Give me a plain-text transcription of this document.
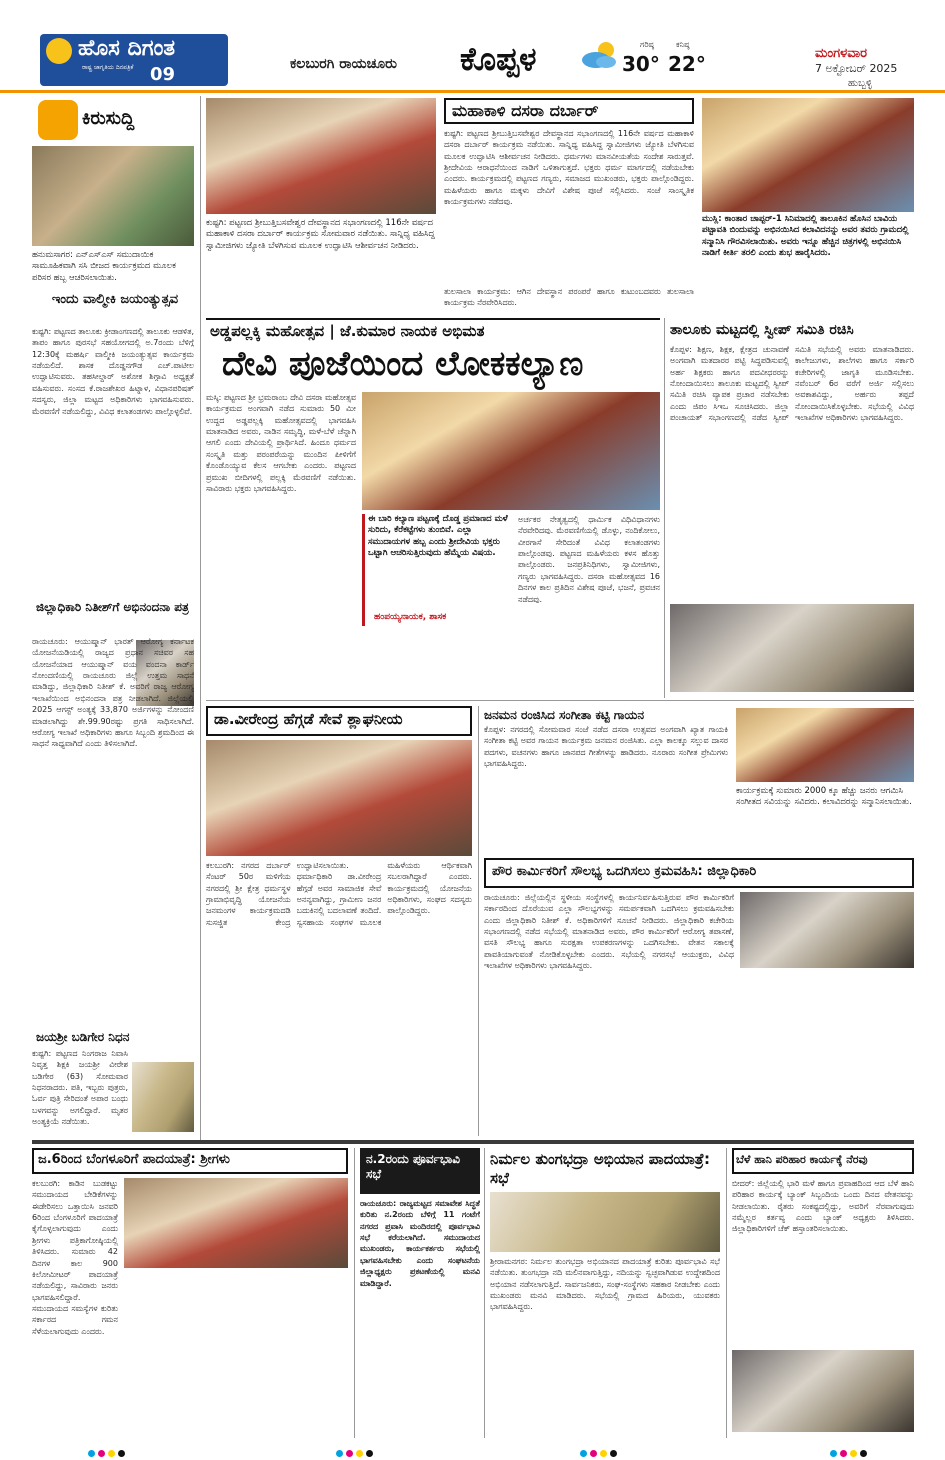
ಹೊಸ ದಿಗಂತ
ರಾಷ್ಟ್ರ ಜಾಗೃತಿಯ ದಿನಪತ್ರಿಕೆ 09	ಕಲಬುರಗಿ ರಾಯಚೂರು ಕೊಪ್ಪಳ	ಗರಿಷ್ಠ
30°
ಕನಿಷ್ಠ
22°	ಮಂಗಳವಾರ
7 ಅಕ್ಟೋಬರ್ 2025
ಹುಬ್ಬಳ್ಳಿ
ಕಿರುಸುದ್ದಿ
ಹನುಮಸಾಗರ: ಎನ್‌ಎಸ್‌ಎಸ್ ಸಮುದಾಯಿಕ ಸಾಮೂಹಿಕವಾಗಿ ಸಸಿ ಬೀಜದ ಕಾರ್ಯಕ್ರಮದ ಮೂಲಕ ಪರಿಸರ ಹಬ್ಬ ಆಚರಿಸಲಾಯಿತು.
ಇಂದು ವಾಲ್ಮೀಕಿ ಜಯಂತ್ಯುತ್ಸವ
ಕುಷ್ಟಗಿ: ಪಟ್ಟಣದ ತಾಲೂಕು ಕ್ರೀಡಾಂಗಣದಲ್ಲಿ ತಾಲೂಕು ಆಡಳಿತ, ತಾಪಂ ಹಾಗೂ ಪುರಸಭೆ ಸಹಯೋಗದಲ್ಲಿ ಅ.7ರಂದು ಬೆಳಿಗ್ಗೆ 12:30ಕ್ಕೆ ಮಹರ್ಷಿ ವಾಲ್ಮೀಕಿ ಜಯಂತ್ಯುತ್ಸವ ಕಾರ್ಯಕ್ರಮ ನಡೆಯಲಿದೆ. ಶಾಸಕ ದೊಡ್ಡನಗೌಡ ಎಚ್.ಪಾಟೀಲ ಉದ್ಘಾಟಿಸುವರು. ತಹಸೀಲ್ದಾರ್ ಅಶೋಕ ಶಿಗ್ಗಾವಿ ಅಧ್ಯಕ್ಷತೆ ವಹಿಸುವರು. ಸಂಸದ ಕೆ.ರಾಜಶೇಖರ ಹಿಟ್ನಾಳ, ವಿಧಾನಪರಿಷತ್ ಸದಸ್ಯರು, ಜಿಲ್ಲಾ ಮಟ್ಟದ ಅಧಿಕಾರಿಗಳು ಭಾಗವಹಿಸುವರು. ಮೆರವಣಿಗೆ ನಡೆಯಲಿದ್ದು, ವಿವಿಧ ಕಲಾತಂಡಗಳು ಪಾಲ್ಗೊಳ್ಳಲಿವೆ.
ಜಿಲ್ಲಾಧಿಕಾರಿ ನಿತೀಶ್‌ಗೆ ಅಭಿನಂದನಾ ಪತ್ರ
ರಾಯಚೂರು: ಆಯುಷ್ಮಾನ್ ಭಾರತ್ ಆರೋಗ್ಯ ಕರ್ನಾಟಕ ಯೋಜನೆಯಡಿಯಲ್ಲಿ ರಾಜ್ಯದ ಪ್ರಧಾನ ಸಚಿವರ ಸಹ ಯೋಜನೆಯಾದ ಆಯುಷ್ಮಾನ್ ವಯ ವಂದನಾ ಕಾರ್ಡ್ ನೋಂದಣಿಯಲ್ಲಿ ರಾಯಚೂರು ಜಿಲ್ಲೆ ಉತ್ತಮ ಸಾಧನೆ ಮಾಡಿದ್ದು, ಜಿಲ್ಲಾಧಿಕಾರಿ ನಿತೀಶ್ ಕೆ. ಅವರಿಗೆ ರಾಜ್ಯ ಆರೋಗ್ಯ ಇಲಾಖೆಯಿಂದ ಅಭಿನಂದನಾ ಪತ್ರ ನೀಡಲಾಗಿದೆ. ಜಿಲ್ಲೆಯಲ್ಲಿ 2025 ಆಗಸ್ಟ್ ಅಂತ್ಯಕ್ಕೆ 33,870 ಅರ್ಜಿಗಳನ್ನು ನೋಂದಣಿ ಮಾಡಲಾಗಿದ್ದು ಶೇ.99.90ರಷ್ಟು ಪ್ರಗತಿ ಸಾಧಿಸಲಾಗಿದೆ. ಆರೋಗ್ಯ ಇಲಾಖೆ ಅಧಿಕಾರಿಗಳು ಹಾಗೂ ಸಿಬ್ಬಂದಿ ಶ್ರಮದಿಂದ ಈ ಸಾಧನೆ ಸಾಧ್ಯವಾಗಿದೆ ಎಂದು ತಿಳಿಸಲಾಗಿದೆ.
ಜಯಶ್ರೀ ಬಡಿಗೇರ ನಿಧನ
ಕುಷ್ಟಗಿ: ಪಟ್ಟಣದ ನಿಂಗರಾಜ ನಿವಾಸಿ ನಿವೃತ್ತ ಶಿಕ್ಷಕಿ ಜಯಶ್ರೀ ವೀರೇಶ ಬಡಿಗೇರ (63) ಸೋಮವಾರ ನಿಧನರಾದರು. ಪತಿ, ಇಬ್ಬರು ಪುತ್ರರು, ಓರ್ವ ಪುತ್ರಿ ಸೇರಿದಂತೆ ಅಪಾರ ಬಂಧು ಬಳಗವನ್ನು ಅಗಲಿದ್ದಾರೆ. ಮೃತರ ಅಂತ್ಯಕ್ರಿಯೆ ನಡೆಯಿತು.
ಕುಷ್ಟಗಿ: ಪಟ್ಟಣದ ಶ್ರೀಬುತ್ತಿಬಸವೇಶ್ವರ ದೇವಸ್ಥಾನದ ಸಭಾಂಗಣದಲ್ಲಿ 116ನೇ ವರ್ಷದ ಮಹಾಕಾಳಿ ದಸರಾ ದರ್ಬಾರ್ ಕಾರ್ಯಕ್ರಮ ಸೋಮವಾರ ನಡೆಯಿತು. ಸಾನ್ನಿಧ್ಯ ವಹಿಸಿದ್ದ ಸ್ವಾಮೀಜಿಗಳು ಜ್ಯೋತಿ ಬೆಳಗಿಸುವ ಮೂಲಕ ಉದ್ಘಾಟಿಸಿ ಆಶೀರ್ವಚನ ನೀಡಿದರು.
ಮಹಾಕಾಳಿ ದಸರಾ ದರ್ಬಾರ್
ಕುಷ್ಟಗಿ: ಪಟ್ಟಣದ ಶ್ರೀಬುತ್ತಿಬಸವೇಶ್ವರ ದೇವಸ್ಥಾನದ ಸಭಾಂಗಣದಲ್ಲಿ 116ನೇ ವರ್ಷದ ಮಹಾಕಾಳಿ ದಸರಾ ದರ್ಬಾರ್ ಕಾರ್ಯಕ್ರಮ ನಡೆಯಿತು. ಸಾನ್ನಿಧ್ಯ ವಹಿಸಿದ್ದ ಸ್ವಾಮೀಜಿಗಳು ಜ್ಯೋತಿ ಬೆಳಗಿಸುವ ಮೂಲಕ ಉದ್ಘಾಟಿಸಿ ಆಶೀರ್ವಚನ ನೀಡಿದರು. ಧರ್ಮಗಳು ಮಾನವೀಯತೆಯ ಸಂದೇಶ ಸಾರುತ್ತವೆ. ಶ್ರೀದೇವಿಯ ಆರಾಧನೆಯಿಂದ ನಾಡಿಗೆ ಒಳಿತಾಗುತ್ತದೆ. ಭಕ್ತರು ಧರ್ಮ ಮಾರ್ಗದಲ್ಲಿ ನಡೆಯಬೇಕು ಎಂದರು. ಕಾರ್ಯಕ್ರಮದಲ್ಲಿ ಪಟ್ಟಣದ ಗಣ್ಯರು, ಸಮಾಜದ ಮುಖಂಡರು, ಭಕ್ತರು ಪಾಲ್ಗೊಂಡಿದ್ದರು. ಮಹಿಳೆಯರು ಹಾಗೂ ಮಕ್ಕಳು ದೇವಿಗೆ ವಿಶೇಷ ಪೂಜೆ ಸಲ್ಲಿಸಿದರು. ಸಂಜೆ ಸಾಂಸ್ಕೃತಿಕ ಕಾರ್ಯಕ್ರಮಗಳು ನಡೆದವು.
ತುಲಸಾಲಾ ಕಾರ್ಯಕ್ರಮ: ಆಗಿನ ದೇವಸ್ಥಾನ ಪರಂಪರೆ ಹಾಗೂ ಕುಟುಂಬದವರು ತುಲಸಾಲಾ ಕಾರ್ಯಕ್ರಮ ನೆರವೇರಿಸಿದರು.
ಮುಸ್ಲಿ: ಕಾಂತಾರ ಚಾಪ್ಟರ್-1 ಸಿನಿಮಾದಲ್ಲಿ ತಾಲೂಕಿನ ಹೊಸಿನ ಬಾವಿಯ ಪಟ್ಟಾವತಿ ಬಿಂದುವನ್ನು ಅಭಿನಯಿಸಿದ ಕಲಾವಿದನನ್ನು ಅವರ ತವರು ಗ್ರಾಮದಲ್ಲಿ ಸನ್ಮಾನಿಸಿ ಗೌರವಿಸಲಾಯಿತು. ಅವರು ಇನ್ನೂ ಹೆಚ್ಚಿನ ಚಿತ್ರಗಳಲ್ಲಿ ಅಭಿನಯಿಸಿ ನಾಡಿಗೆ ಕೀರ್ತಿ ತರಲಿ ಎಂದು ಶುಭ ಹಾರೈಸಿದರು.
ಅಡ್ಡಪಲ್ಲಕ್ಕಿ ಮಹೋತ್ಸವ | ಜೆ.ಕುಮಾರ ನಾಯಕ ಅಭಿಮತ
ದೇವಿ ಪೂಜೆಯಿಂದ ಲೋಕಕಲ್ಯಾಣ
ಮಸ್ಕಿ: ಪಟ್ಟಣದ ಶ್ರೀ ಭ್ರಮರಾಂಬ ದೇವಿ ದಸರಾ ಮಹೋತ್ಸವ ಕಾರ್ಯಕ್ರಮದ ಅಂಗವಾಗಿ ನಡೆದ ಸುಮಾರು 50 ಮೀ ಉದ್ದದ ಅಡ್ಡಪಲ್ಲಕ್ಕಿ ಮಹೋತ್ಸವದಲ್ಲಿ ಭಾಗವಹಿಸಿ ಮಾತನಾಡಿದ ಅವರು, ನಾಡಿನ ಸಮೃದ್ಧಿ, ಮಳೆ-ಬೆಳೆ ಚೆನ್ನಾಗಿ ಆಗಲಿ ಎಂದು ದೇವಿಯಲ್ಲಿ ಪ್ರಾರ್ಥಿಸಿದೆ. ಹಿಂದೂ ಧರ್ಮದ ಸಂಸ್ಕೃತಿ ಮತ್ತು ಪರಂಪರೆಯನ್ನು ಮುಂದಿನ ಪೀಳಿಗೆಗೆ ಕೊಂಡೊಯ್ಯುವ ಕೆಲಸ ಆಗಬೇಕು ಎಂದರು. ಪಟ್ಟಣದ ಪ್ರಮುಖ ಬೀದಿಗಳಲ್ಲಿ ಪಲ್ಲಕ್ಕಿ ಮೆರವಣಿಗೆ ನಡೆಯಿತು. ಸಾವಿರಾರು ಭಕ್ತರು ಭಾಗವಹಿಸಿದ್ದರು.
ಈ ಬಾರಿ ಕಲ್ಯಾಣ ಪಟ್ಟಣಕ್ಕೆ ದೊಡ್ಡ ಪ್ರಮಾಣದ ಮಳೆ ಸುರಿದು, ಕೆರೆಕಟ್ಟೆಗಳು ತುಂಬಿವೆ. ಎಲ್ಲಾ ಸಮುದಾಯಗಳ ಹಬ್ಬ ಎಂದು ಶ್ರೀದೇವಿಯ ಭಕ್ತರು ಒಟ್ಟಾಗಿ ಆಚರಿಸುತ್ತಿರುವುದು ಹೆಮ್ಮೆಯ ವಿಷಯ.
ಹಂಪಯ್ಯನಾಯಕ, ಶಾಸಕ
ಅರ್ಚಕರ ನೇತೃತ್ವದಲ್ಲಿ ಧಾರ್ಮಿಕ ವಿಧಿವಿಧಾನಗಳು ನೆರವೇರಿದವು. ಮೆರವಣಿಗೆಯಲ್ಲಿ ಡೊಳ್ಳು, ನಂದಿಕೋಲು, ವೀರಗಾಸೆ ಸೇರಿದಂತೆ ವಿವಿಧ ಕಲಾತಂಡಗಳು ಪಾಲ್ಗೊಂಡವು. ಪಟ್ಟಣದ ಮಹಿಳೆಯರು ಕಳಸ ಹೊತ್ತು ಪಾಲ್ಗೊಂಡರು. ಜನಪ್ರತಿನಿಧಿಗಳು, ಸ್ವಾಮೀಜಿಗಳು, ಗಣ್ಯರು ಭಾಗವಹಿಸಿದ್ದರು. ದಸರಾ ಮಹೋತ್ಸವದ 16 ದಿನಗಳ ಕಾಲ ಪ್ರತಿದಿನ ವಿಶೇಷ ಪೂಜೆ, ಭಜನೆ, ಪ್ರವಚನ ನಡೆದವು.
ತಾಲೂಕು ಮಟ್ಟದಲ್ಲಿ ಸ್ವೀಪ್ ಸಮಿತಿ ರಚಿಸಿ
ಕೊಪ್ಪಳ: ಶಿಕ್ಷಣ, ಶಿಕ್ಷಕ, ಕ್ಷೇತ್ರದ ಚುನಾವಣೆ ಅಂಗವಾಗಿ ಮತದಾರರ ಪಟ್ಟಿ ಸಿದ್ಧಪಡಿಸುವಲ್ಲಿ ಅರ್ಹ ಶಿಕ್ಷಕರು ಹಾಗೂ ಪದವೀಧರರನ್ನು ನೋಂದಾಯಿಸಲು ತಾಲೂಕು ಮಟ್ಟದಲ್ಲಿ ಸ್ವೀಪ್ ಸಮಿತಿ ರಚಿಸಿ ವ್ಯಾಪಕ ಪ್ರಚಾರ ನಡೆಸಬೇಕು ಎಂದು ಜಿಪಂ ಸಿಇಒ ಸೂಚಿಸಿದರು. ಜಿಲ್ಲಾ ಪಂಚಾಯತ್ ಸಭಾಂಗಣದಲ್ಲಿ ನಡೆದ ಸ್ವೀಪ್ ಸಮಿತಿ ಸಭೆಯಲ್ಲಿ ಅವರು ಮಾತನಾಡಿದರು. ಕಾಲೇಜುಗಳು, ಶಾಲೆಗಳು ಹಾಗೂ ಸರ್ಕಾರಿ ಕಚೇರಿಗಳಲ್ಲಿ ಜಾಗೃತಿ ಮೂಡಿಸಬೇಕು. ನವೆಂಬರ್ 6ರ ವರೆಗೆ ಅರ್ಜಿ ಸಲ್ಲಿಸಲು ಅವಕಾಶವಿದ್ದು, ಅರ್ಹರು ತಪ್ಪದೆ ನೋಂದಾಯಿಸಿಕೊಳ್ಳಬೇಕು. ಸಭೆಯಲ್ಲಿ ವಿವಿಧ ಇಲಾಖೆಗಳ ಅಧಿಕಾರಿಗಳು ಭಾಗವಹಿಸಿದ್ದರು.
ಡಾ.ವೀರೇಂದ್ರ ಹೆಗ್ಗಡೆ ಸೇವೆ ಶ್ಲಾಘನೀಯ
ಕಲಬುರಗಿ: ನಗರದ ದರ್ಬಾರ್ ಸೆಂಟರ್ 50ರ ಮಳಿಗೆಯ ನಗರದಲ್ಲಿ ಶ್ರೀ ಕ್ಷೇತ್ರ ಧರ್ಮಸ್ಥಳ ಗ್ರಾಮಾಭಿವೃದ್ಧಿ ಯೋಜನೆಯ ಜನಮಂಗಳ ಕಾರ್ಯಕ್ರಮದಡಿ ಸುಸಜ್ಜಿತ ಕೇಂದ್ರ ಉದ್ಘಾಟಿಸಲಾಯಿತು. ಧರ್ಮಾಧಿಕಾರಿ ಡಾ.ವೀರೇಂದ್ರ ಹೆಗ್ಗಡೆ ಅವರ ಸಾಮಾಜಿಕ ಸೇವೆ ಅನನ್ಯವಾಗಿದ್ದು, ಗ್ರಾಮೀಣ ಜನರ ಬದುಕಿನಲ್ಲಿ ಬದಲಾವಣೆ ತಂದಿದೆ. ಸ್ವಸಹಾಯ ಸಂಘಗಳ ಮೂಲಕ ಮಹಿಳೆಯರು ಆರ್ಥಿಕವಾಗಿ ಸಬಲರಾಗಿದ್ದಾರೆ ಎಂದರು. ಕಾರ್ಯಕ್ರಮದಲ್ಲಿ ಯೋಜನೆಯ ಅಧಿಕಾರಿಗಳು, ಸಂಘದ ಸದಸ್ಯರು ಪಾಲ್ಗೊಂಡಿದ್ದರು.
ಜನಮನ ರಂಜಿಸಿದ ಸಂಗೀತಾ ಕಟ್ಟಿ ಗಾಯನ
ಕೊಪ್ಪಳ: ನಗರದಲ್ಲಿ ಸೋಮವಾರ ಸಂಜೆ ನಡೆದ ದಸರಾ ಉತ್ಸವದ ಅಂಗವಾಗಿ ಖ್ಯಾತ ಗಾಯಕಿ ಸಂಗೀತಾ ಕಟ್ಟಿ ಅವರ ಗಾಯನ ಕಾರ್ಯಕ್ರಮ ಜನಮನ ರಂಜಿಸಿತು. ಎಲ್ಲಾ ಕಾಲಕ್ಕೂ ಸಲ್ಲುವ ದಾಸರ ಪದಗಳು, ವಚನಗಳು ಹಾಗೂ ಜಾನಪದ ಗೀತೆಗಳನ್ನು ಹಾಡಿದರು. ನೂರಾರು ಸಂಗೀತ ಪ್ರೇಮಿಗಳು ಭಾಗವಹಿಸಿದ್ದರು.
ಕಾರ್ಯಕ್ರಮಕ್ಕೆ ಸುಮಾರು 2000 ಕ್ಕೂ ಹೆಚ್ಚು ಜನರು ಆಗಮಿಸಿ ಸಂಗೀತದ ಸವಿಯನ್ನು ಸವಿದರು. ಕಲಾವಿದರನ್ನು ಸನ್ಮಾನಿಸಲಾಯಿತು.
ಪೌರ ಕಾರ್ಮಿಕರಿಗೆ ಸೌಲಭ್ಯ ಒದಗಿಸಲು ಕ್ರಮವಹಿಸಿ: ಜಿಲ್ಲಾಧಿಕಾರಿ
ರಾಯಚೂರು: ಜಿಲ್ಲೆಯಲ್ಲಿನ ಸ್ಥಳೀಯ ಸಂಸ್ಥೆಗಳಲ್ಲಿ ಕಾರ್ಯನಿರ್ವಹಿಸುತ್ತಿರುವ ಪೌರ ಕಾರ್ಮಿಕರಿಗೆ ಸರ್ಕಾರದಿಂದ ದೊರೆಯುವ ಎಲ್ಲಾ ಸೌಲಭ್ಯಗಳನ್ನು ಸಮರ್ಪಕವಾಗಿ ಒದಗಿಸಲು ಕ್ರಮವಹಿಸಬೇಕು ಎಂದು ಜಿಲ್ಲಾಧಿಕಾರಿ ನಿತೀಶ್ ಕೆ. ಅಧಿಕಾರಿಗಳಿಗೆ ಸೂಚನೆ ನೀಡಿದರು. ಜಿಲ್ಲಾಧಿಕಾರಿ ಕಚೇರಿಯ ಸಭಾಂಗಣದಲ್ಲಿ ನಡೆದ ಸಭೆಯಲ್ಲಿ ಮಾತನಾಡಿದ ಅವರು, ಪೌರ ಕಾರ್ಮಿಕರಿಗೆ ಆರೋಗ್ಯ ತಪಾಸಣೆ, ವಸತಿ ಸೌಲಭ್ಯ ಹಾಗೂ ಸುರಕ್ಷತಾ ಉಪಕರಣಗಳನ್ನು ಒದಗಿಸಬೇಕು. ವೇತನ ಸಕಾಲಕ್ಕೆ ಪಾವತಿಯಾಗುವಂತೆ ನೋಡಿಕೊಳ್ಳಬೇಕು ಎಂದರು. ಸಭೆಯಲ್ಲಿ ನಗರಸಭೆ ಆಯುಕ್ತರು, ವಿವಿಧ ಇಲಾಖೆಗಳ ಅಧಿಕಾರಿಗಳು ಭಾಗವಹಿಸಿದ್ದರು.
ಜ.6ರಿಂದ ಬೆಂಗಳೂರಿಗೆ ಪಾದಯಾತ್ರೆ: ಶ್ರೀಗಳು
ಕಲಬುರಗಿ: ಕಾಡಿನ ಬುಡಕಟ್ಟು ಸಮುದಾಯದ ಬೇಡಿಕೆಗಳನ್ನು ಈಡೇರಿಸಲು ಒತ್ತಾಯಿಸಿ ಜನವರಿ 6ರಿಂದ ಬೆಂಗಳೂರಿಗೆ ಪಾದಯಾತ್ರೆ ಕೈಗೊಳ್ಳಲಾಗುವುದು ಎಂದು ಶ್ರೀಗಳು ಪತ್ರಿಕಾಗೋಷ್ಠಿಯಲ್ಲಿ ತಿಳಿಸಿದರು. ಸುಮಾರು 42 ದಿನಗಳ ಕಾಲ 900 ಕಿಲೋಮೀಟರ್ ಪಾದಯಾತ್ರೆ ನಡೆಯಲಿದ್ದು, ಸಾವಿರಾರು ಜನರು ಭಾಗವಹಿಸಲಿದ್ದಾರೆ. ಸಮುದಾಯದ ಸಮಸ್ಯೆಗಳ ಕುರಿತು ಸರ್ಕಾರದ ಗಮನ ಸೆಳೆಯಲಾಗುವುದು ಎಂದರು.
ನ.2ರಂದು ಪೂರ್ವಭಾವಿ ಸಭೆ
ರಾಯಚೂರು: ರಾಜ್ಯಮಟ್ಟದ ಸಮಾವೇಶ ಸಿದ್ಧತೆ ಕುರಿತು ನ.2ರಂದು ಬೆಳಿಗ್ಗೆ 11 ಗಂಟೆಗೆ ನಗರದ ಪ್ರವಾಸಿ ಮಂದಿರದಲ್ಲಿ ಪೂರ್ವಭಾವಿ ಸಭೆ ಕರೆಯಲಾಗಿದೆ. ಸಮುದಾಯದ ಮುಖಂಡರು, ಕಾರ್ಯಕರ್ತರು ಸಭೆಯಲ್ಲಿ ಭಾಗವಹಿಸಬೇಕು ಎಂದು ಸಂಘಟನೆಯ ಜಿಲ್ಲಾಧ್ಯಕ್ಷರು ಪ್ರಕಟಣೆಯಲ್ಲಿ ಮನವಿ ಮಾಡಿದ್ದಾರೆ.
ನಿರ್ಮಲ ತುಂಗಭದ್ರಾ ಅಭಿಯಾನ ಪಾದಯಾತ್ರೆ: ಸಭೆ
ಶ್ರೀರಾಮನಗರ: ನಿರ್ಮಲ ತುಂಗಭದ್ರಾ ಅಭಿಯಾನದ ಪಾದಯಾತ್ರೆ ಕುರಿತು ಪೂರ್ವಭಾವಿ ಸಭೆ ನಡೆಯಿತು. ತುಂಗಭದ್ರಾ ನದಿ ಮಲಿನವಾಗುತ್ತಿದ್ದು, ನದಿಯನ್ನು ಸ್ವಚ್ಛವಾಗಿಡುವ ಉದ್ದೇಶದಿಂದ ಅಭಿಯಾನ ನಡೆಸಲಾಗುತ್ತಿದೆ. ಸಾರ್ವಜನಿಕರು, ಸಂಘ-ಸಂಸ್ಥೆಗಳು ಸಹಕಾರ ನೀಡಬೇಕು ಎಂದು ಮುಖಂಡರು ಮನವಿ ಮಾಡಿದರು. ಸಭೆಯಲ್ಲಿ ಗ್ರಾಮದ ಹಿರಿಯರು, ಯುವಕರು ಭಾಗವಹಿಸಿದ್ದರು.
ಬೆಳೆ ಹಾನಿ ಪರಿಹಾರ ಕಾರ್ಯಕ್ಕೆ ನೆರವು
ಬೀದರ್: ಜಿಲ್ಲೆಯಲ್ಲಿ ಭಾರಿ ಮಳೆ ಹಾಗೂ ಪ್ರವಾಹದಿಂದ ಆದ ಬೆಳೆ ಹಾನಿ ಪರಿಹಾರ ಕಾರ್ಯಕ್ಕೆ ಬ್ಯಾಂಕ್ ಸಿಬ್ಬಂದಿಯ ಒಂದು ದಿನದ ವೇತನವನ್ನು ನೀಡಲಾಯಿತು. ರೈತರು ಸಂಕಷ್ಟದಲ್ಲಿದ್ದು, ಅವರಿಗೆ ನೆರವಾಗುವುದು ನಮ್ಮೆಲ್ಲರ ಕರ್ತವ್ಯ ಎಂದು ಬ್ಯಾಂಕ್ ಅಧ್ಯಕ್ಷರು ತಿಳಿಸಿದರು. ಜಿಲ್ಲಾಧಿಕಾರಿಗಳಿಗೆ ಚೆಕ್ ಹಸ್ತಾಂತರಿಸಲಾಯಿತು.
